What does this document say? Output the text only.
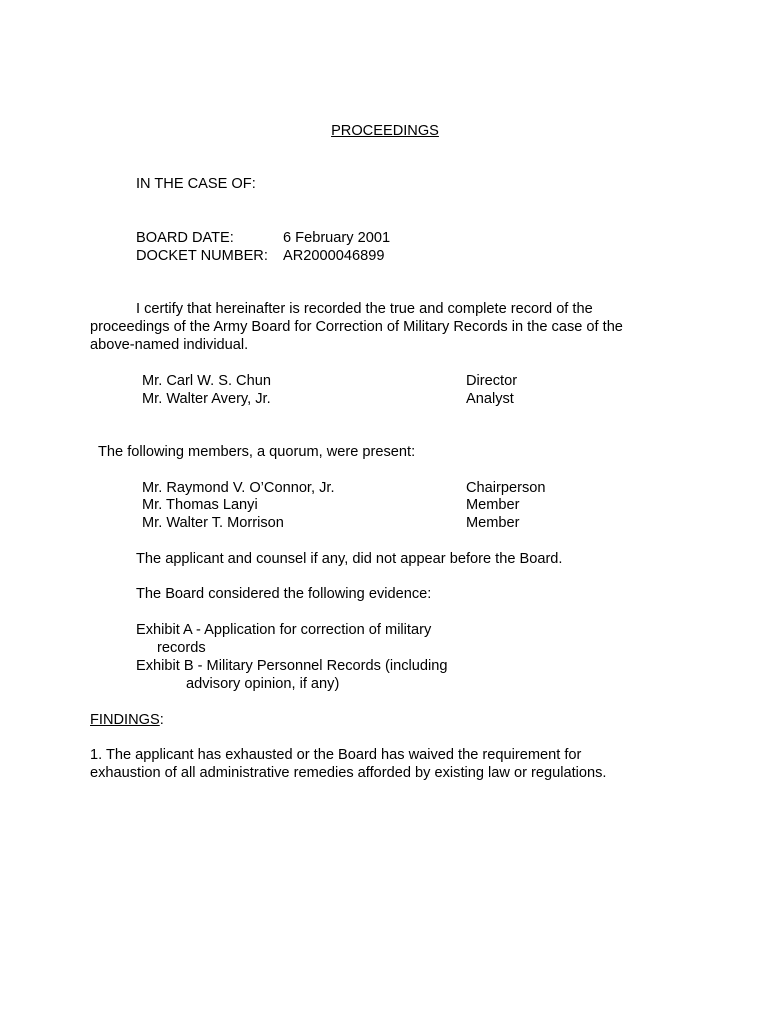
PROCEEDINGS
IN THE CASE OF:
BOARD DATE:	6 February 2001
DOCKET NUMBER: AR2000046899
I certify that hereinafter is recorded the true and complete record of the
proceedings of the Army Board for Correction of Military Records in the case of the
above-named individual.
Mr. Carl W. S. Chun	Director
Mr. Walter Avery, Jr.	Analyst
The following members, a quorum, were present:
Mr. Raymond V. O’Connor, Jr.	Chairperson
Mr. Thomas Lanyi	Member
Mr. Walter T. Morrison	Member
The applicant and counsel if any, did not appear before the Board.
The Board considered the following evidence:
Exhibit A - Application for correction of military
records
Exhibit B - Military Personnel Records (including
advisory opinion, if any)
FINDINGS:
1. The applicant has exhausted or the Board has waived the requirement for
exhaustion of all administrative remedies afforded by existing law or regulations.
